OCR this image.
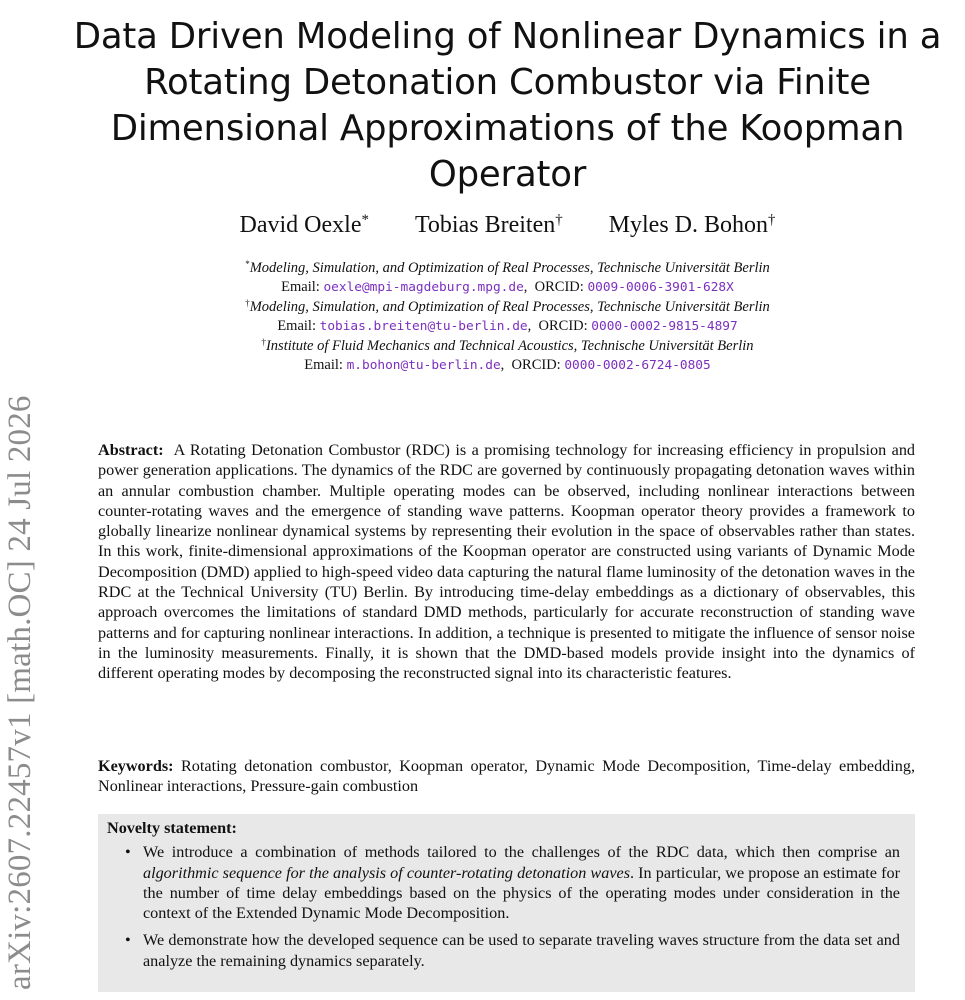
arXiv:2607.22457v1 [math.OC] 24 Jul 2026
Data Driven Modeling of Nonlinear Dynamics in a
Rotating Detonation Combustor via Finite
Dimensional Approximations of the Koopman
Operator
David Oexle* Tobias Breiten† Myles D. Bohon†
*Modeling, Simulation, and Optimization of Real Processes, Technische Universität Berlin
Email: oexle@mpi-magdeburg.mpg.de,  ORCID: 0009-0006-3901-628X
†Modeling, Simulation, and Optimization of Real Processes, Technische Universität Berlin
Email: tobias.breiten@tu-berlin.de,  ORCID: 0000-0002-9815-4897
†Institute of Fluid Mechanics and Technical Acoustics, Technische Universität Berlin
Email: m.bohon@tu-berlin.de,  ORCID: 0000-0002-6724-0805
Abstract: A Rotating Detonation Combustor (RDC) is a promising technology for increasing efficiency in propulsion and power generation applications. The dynamics of the RDC are governed by continuously propagating detonation waves within an annular combustion chamber. Multiple operating modes can be observed, including nonlinear interactions between counter-rotating waves and the emergence of standing wave patterns. Koopman operator theory provides a framework to globally linearize nonlinear dynamical systems by representing their evolution in the space of observables rather than states. In this work, finite-dimensional approximations of the Koopman operator are constructed using variants of Dynamic Mode Decomposition (DMD) applied to high-speed video data capturing the natural flame luminosity of the detonation waves in the RDC at the Technical University (TU) Berlin. By introducing time-delay embeddings as a dictionary of observables, this approach overcomes the limitations of standard DMD methods, particularly for accurate reconstruction of standing wave patterns and for capturing nonlinear interactions. In addition, a technique is presented to mitigate the influence of sensor noise in the luminosity measurements. Finally, it is shown that the DMD-based models provide insight into the dynamics of different operating modes by decomposing the reconstructed signal into its characteristic features.
Keywords: Rotating detonation combustor, Koopman operator, Dynamic Mode Decomposition, Time-delay embedding, Nonlinear interactions, Pressure-gain combustion
Novelty statement:
• We introduce a combination of methods tailored to the challenges of the RDC data, which then comprise an algorithmic sequence for the analysis of counter-rotating detonation waves. In particular, we propose an estimate for the number of time delay embeddings based on the physics of the operating modes under consideration in the context of the Extended Dynamic Mode Decomposition.
• We demonstrate how the developed sequence can be used to separate traveling waves structure from the data set and analyze the remaining dynamics separately.
